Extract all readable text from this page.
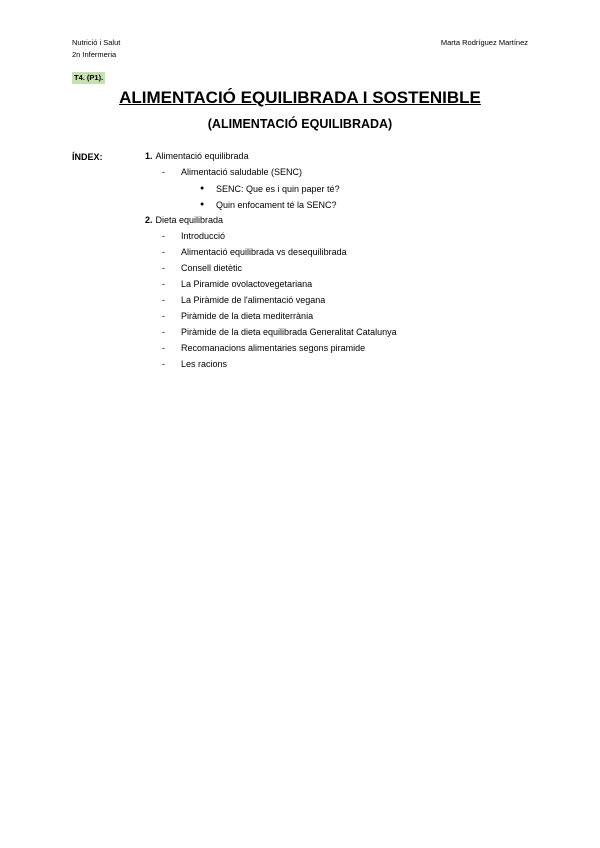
Nutrició i Salut
2n Infermeria
Marta Rodríguez Martínez
T4. (P1).
ALIMENTACIÓ EQUILIBRADA I SOSTENIBLE
(ALIMENTACIÓ EQUILIBRADA)
ÍNDEX:	1. Alimentació equilibrada
- Alimentació saludable (SENC)
● SENC: Que es i quin paper té?
● Quin enfocament té la SENC?
2. Dieta equilibrada
- Introducció
- Alimentació equilibrada vs desequilibrada
- Consell dietètic
- La Piramide ovolactovegetariana
- La Piràmide de l'alimentació vegana
- Piràmide de la dieta mediterrània
- Piràmide de la dieta equilibrada Generalitat Catalunya
- Recomanacions alimentaries segons piramide
- Les racions
